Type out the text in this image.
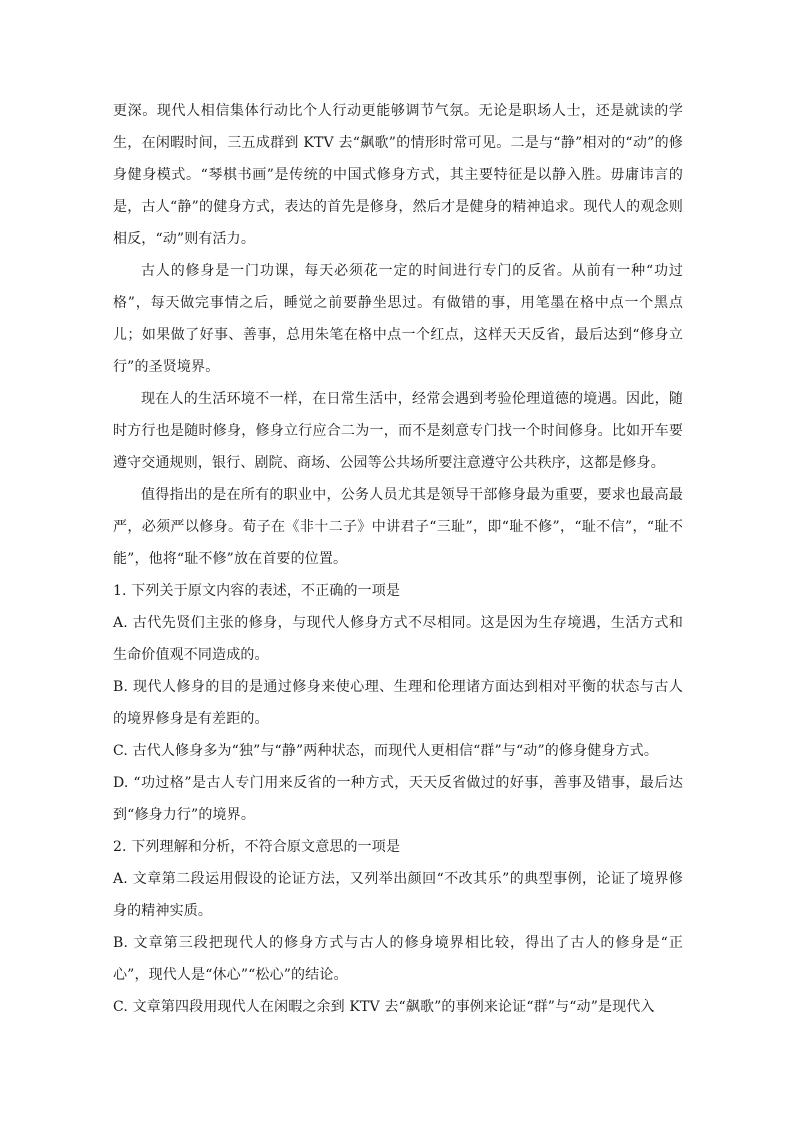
更深。现代人相信集体行动比个人行动更能够调节气氛。无论是职场人士，还是就读的学生，在闲暇时间，三五成群到 KTV 去“飙歌”的情形时常可见。二是与“静”相对的“动”的修身健身模式。“琴棋书画”是传统的中国式修身方式，其主要特征是以静入胜。毋庸讳言的是，古人“静”的健身方式，表达的首先是修身，然后才是健身的精神追求。现代人的观念则相反，“动”则有活力。

古人的修身是一门功课，每天必须花一定的时间进行专门的反省。从前有一种“功过格”，每天做完事情之后，睡觉之前要静坐思过。有做错的事，用笔墨在格中点一个黑点儿；如果做了好事、善事，总用朱笔在格中点一个红点，这样天天反省，最后达到“修身立行”的圣贤境界。

现在人的生活环境不一样，在日常生活中，经常会遇到考验伦理道德的境遇。因此，随时方行也是随时修身，修身立行应合二为一，而不是刻意专门找一个时间修身。比如开车要遵守交通规则，银行、剧院、商场、公园等公共场所要注意遵守公共秩序，这都是修身。

值得指出的是在所有的职业中，公务人员尤其是领导干部修身最为重要，要求也最高最严，必须严以修身。荀子在《非十二子》中讲君子“三耻”，即“耻不修”，“耻不信”，“耻不能”，他将“耻不修”放在首要的位置。

1. 下列关于原文内容的表述，不正确的一项是

A. 古代先贤们主张的修身，与现代人修身方式不尽相同。这是因为生存境遇，生活方式和生命价值观不同造成的。

B. 现代人修身的目的是通过修身来使心理、生理和伦理诸方面达到相对平衡的状态与古人的境界修身是有差距的。

C. 古代人修身多为“独”与“静”两种状态，而现代人更相信“群”与“动”的修身健身方式。

D. “功过格”是古人专门用来反省的一种方式，天天反省做过的好事，善事及错事，最后达到“修身力行”的境界。

2. 下列理解和分析，不符合原文意思的一项是

A. 文章第二段运用假设的论证方法，又列举出颜回“不改其乐”的典型事例，论证了境界修身的精神实质。

B. 文章第三段把现代人的修身方式与古人的修身境界相比较，得出了古人的修身是“正心”，现代人是“休心”“松心”的结论。

C. 文章第四段用现代人在闲暇之余到 KTV 去“飙歌”的事例来论证“群”与“动”是现代入
